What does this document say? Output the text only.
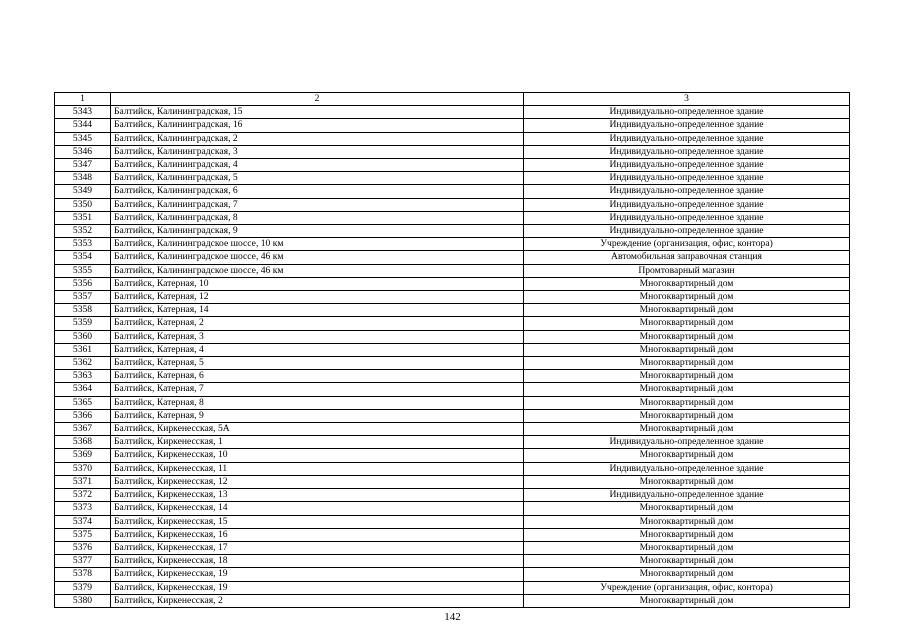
1	2	3
5343	Балтийск, Калининградская, 15	Индивидуально-определенное здание
5344	Балтийск, Калининградская, 16	Индивидуально-определенное здание
5345	Балтийск, Калининградская, 2	Индивидуально-определенное здание
5346	Балтийск, Калининградская, 3	Индивидуально-определенное здание
5347	Балтийск, Калининградская, 4	Индивидуально-определенное здание
5348	Балтийск, Калининградская, 5	Индивидуально-определенное здание
5349	Балтийск, Калининградская, 6	Индивидуально-определенное здание
5350	Балтийск, Калининградская, 7	Индивидуально-определенное здание
5351	Балтийск, Калининградская, 8	Индивидуально-определенное здание
5352	Балтийск, Калининградская, 9	Индивидуально-определенное здание
5353	Балтийск, Калининградское шоссе, 10 км	Учреждение (организация, офис, контора)
5354	Балтийск, Калининградское шоссе, 46 км	Автомобильная заправочная станция
5355	Балтийск, Калининградское шоссе, 46 км	Промтоварный магазин
5356	Балтийск, Катерная, 10	Многоквартирный дом
5357	Балтийск, Катерная, 12	Многоквартирный дом
5358	Балтийск, Катерная, 14	Многоквартирный дом
5359	Балтийск, Катерная, 2	Многоквартирный дом
5360	Балтийск, Катерная, 3	Многоквартирный дом
5361	Балтийск, Катерная, 4	Многоквартирный дом
5362	Балтийск, Катерная, 5	Многоквартирный дом
5363	Балтийск, Катерная, 6	Многоквартирный дом
5364	Балтийск, Катерная, 7	Многоквартирный дом
5365	Балтийск, Катерная, 8	Многоквартирный дом
5366	Балтийск, Катерная, 9	Многоквартирный дом
5367	Балтийск, Киркенесская, 5А	Многоквартирный дом
5368	Балтийск, Киркенесская, 1	Индивидуально-определенное здание
5369	Балтийск, Киркенесская, 10	Многоквартирный дом
5370	Балтийск, Киркенесская, 11	Индивидуально-определенное здание
5371	Балтийск, Киркенесская, 12	Многоквартирный дом
5372	Балтийск, Киркенесская, 13	Индивидуально-определенное здание
5373	Балтийск, Киркенесская, 14	Многоквартирный дом
5374	Балтийск, Киркенесская, 15	Многоквартирный дом
5375	Балтийск, Киркенесская, 16	Многоквартирный дом
5376	Балтийск, Киркенесская, 17	Многоквартирный дом
5377	Балтийск, Киркенесская, 18	Многоквартирный дом
5378	Балтийск, Киркенесская, 19	Многоквартирный дом
5379	Балтийск, Киркенесская, 19	Учреждение (организация, офис, контора)
5380	Балтийск, Киркенесская, 2	Многоквартирный дом
142
